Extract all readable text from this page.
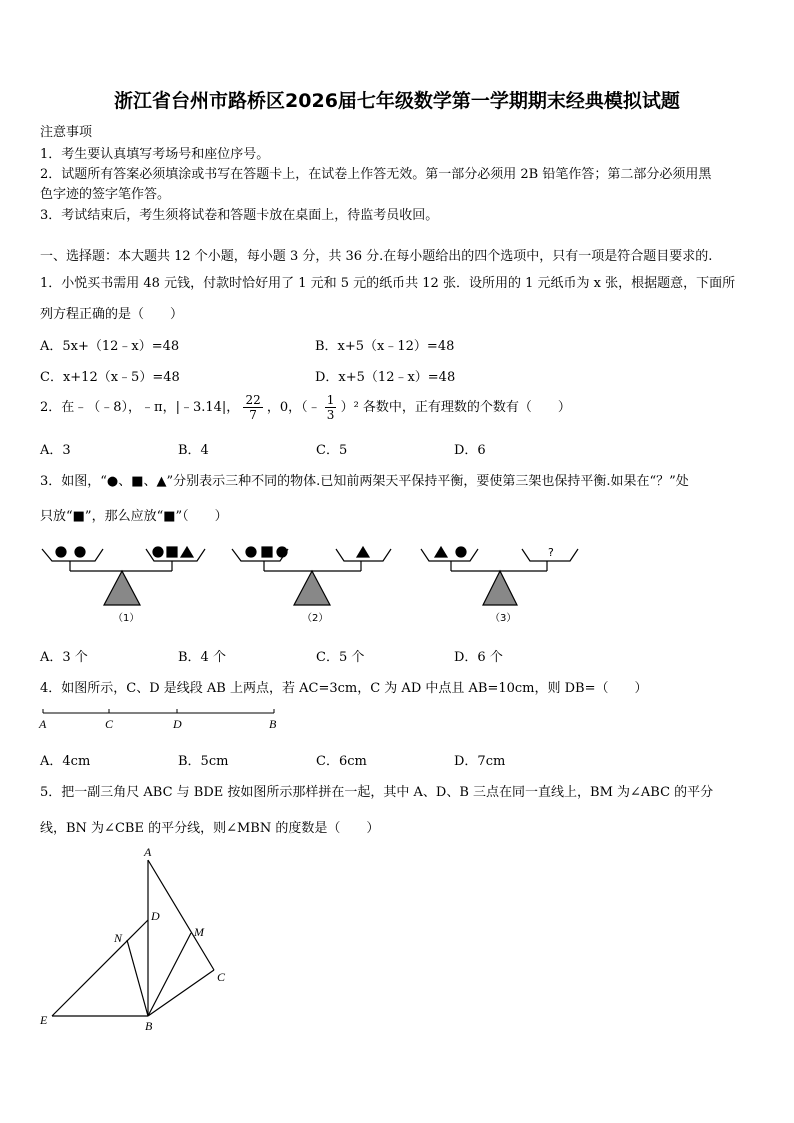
浙江省台州市路桥区2026届七年级数学第一学期期末经典模拟试题
注意事项
1．考生要认真填写考场号和座位序号。
2．试题所有答案必须填涂或书写在答题卡上，在试卷上作答无效。第一部分必须用 2B 铅笔作答；第二部分必须用黑
色字迹的签字笔作答。
3．考试结束后，考生须将试卷和答题卡放在桌面上，待监考员收回。
一、选择题：本大题共 12 个小题，每小题 3 分，共 36 分.在每小题给出的四个选项中，只有一项是符合题目要求的.
1．小悦买书需用 48 元钱，付款时恰好用了 1 元和 5 元的纸币共 12 张．设所用的 1 元纸币为 x 张，根据题意，下面所
列方程正确的是（　　）
A．5x+（12﹣x）=48	B．x+5（x﹣12）=48
C．x+12（x﹣5）=48	D．x+5（12﹣x）=48
2．在﹣（﹣8），﹣π，|﹣3.14|， $\frac{22}{7}$ ，0，（﹣ $\frac{1}{3} )^2$ 各数中，正有理数的个数有（　　）
A．3	B．4	C．5	D．6
3．如图，“●、■、▲”分别表示三种不同的物体.已知前两架天平保持平衡，要使第三架也保持平衡.如果在“？”处
只放“■”，那么应放“■”（　　）
?
（1）	（2）	（3）
A．3 个	B．4 个	C．5 个	D．6 个
4．如图所示，C、D 是线段 AB 上两点，若 AC=3cm，C 为 AD 中点且 AB=10cm，则 DB=（　　）
A	C	D	B
A．4cm	B．5cm	C．6cm	D．7cm
5．把一副三角尺 ABC 与 BDE 按如图所示那样拼在一起，其中 A、D、B 三点在同一直线上，BM 为∠ABC 的平分
线，BN 为∠CBE 的平分线，则∠MBN 的度数是（　　）
A
D
N	M
C
E	B
